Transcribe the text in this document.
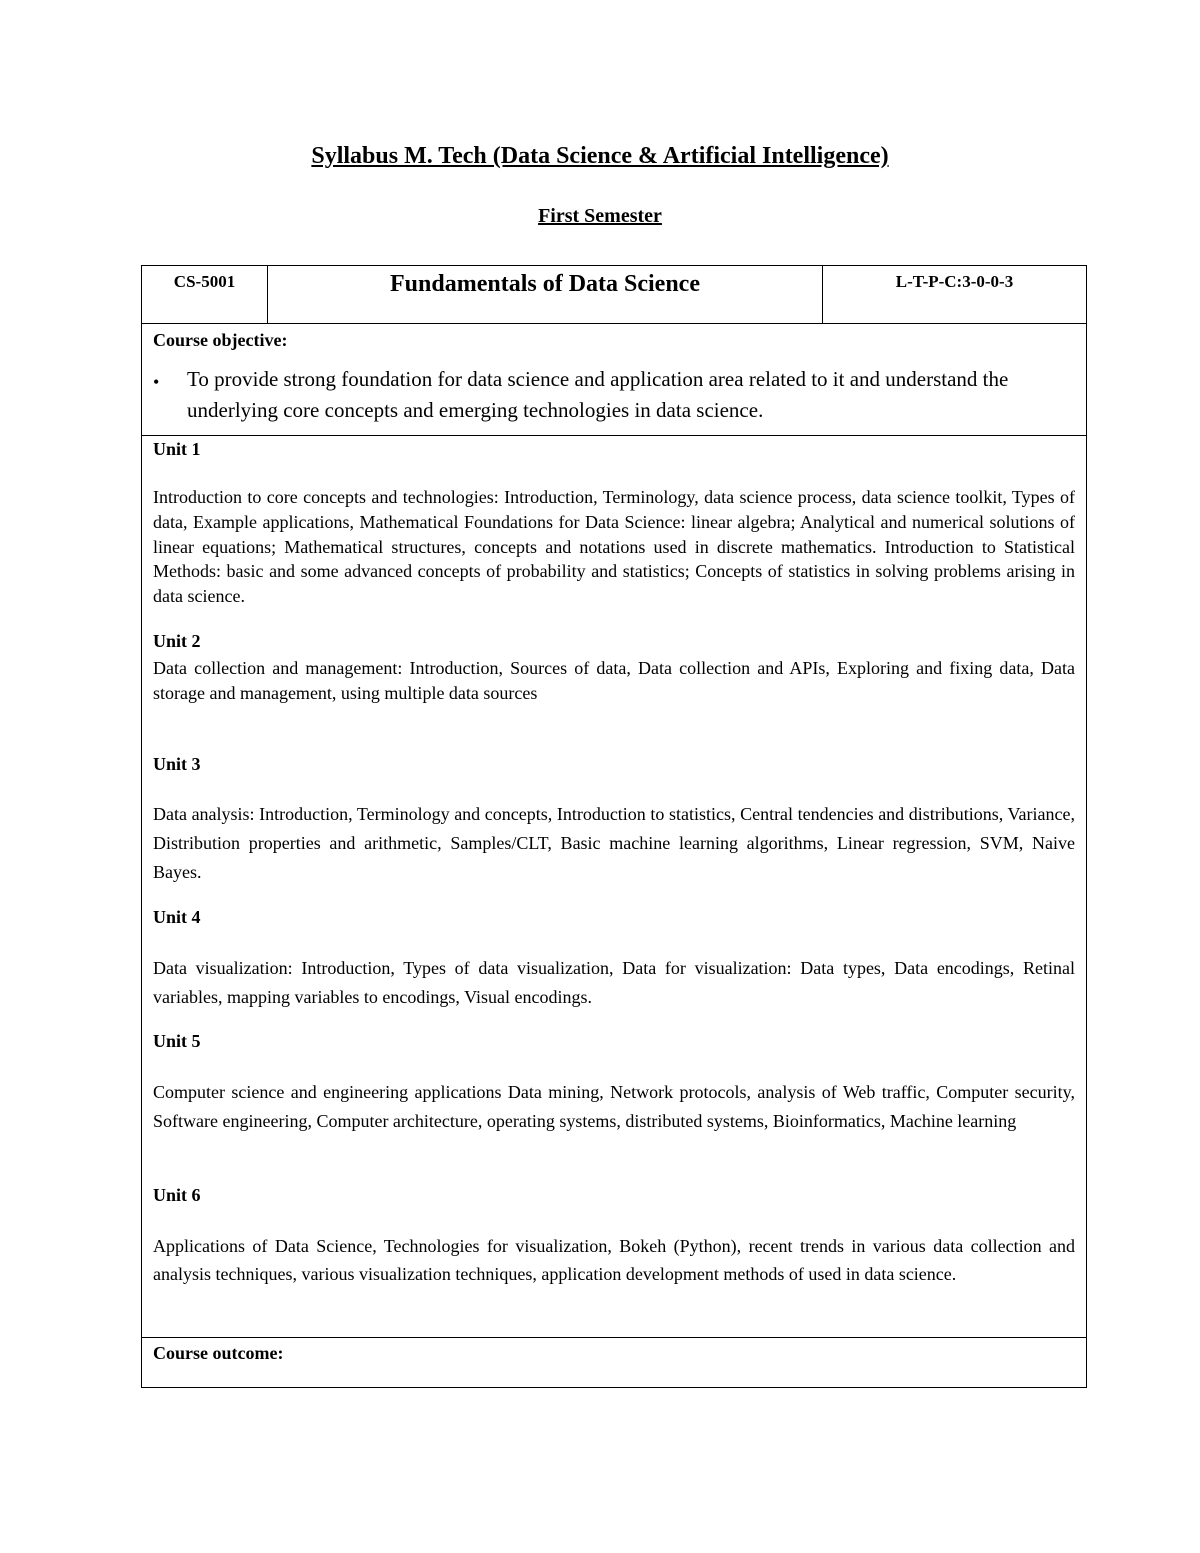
Syllabus M. Tech (Data Science & Artificial Intelligence)
First Semester
CS-5001	Fundamentals of Data Science	L-T-P-C:3-0-0-3
Course objective:
• To provide strong foundation for data science and application area related to it and understand the underlying core concepts and emerging technologies in data science.
Unit 1
Introduction to core concepts and technologies: Introduction, Terminology, data science process, data science toolkit, Types of data, Example applications, Mathematical Foundations for Data Science: linear algebra; Analytical and numerical solutions of linear equations; Mathematical structures, concepts and notations used in discrete mathematics. Introduction to Statistical Methods: basic and some advanced concepts of probability and statistics; Concepts of statistics in solving problems arising in data science.
Unit 2
Data collection and management: Introduction, Sources of data, Data collection and APIs, Exploring and fixing data, Data storage and management, using multiple data sources
Unit 3
Data analysis: Introduction, Terminology and concepts, Introduction to statistics, Central tendencies and distributions, Variance, Distribution properties and arithmetic, Samples/CLT, Basic machine learning algorithms, Linear regression, SVM, Naive Bayes.
Unit 4
Data visualization: Introduction, Types of data visualization, Data for visualization: Data types, Data encodings, Retinal variables, mapping variables to encodings, Visual encodings.
Unit 5
Computer science and engineering applications Data mining, Network protocols, analysis of Web traffic, Computer security, Software engineering, Computer architecture, operating systems, distributed systems, Bioinformatics, Machine learning
Unit 6
Applications of Data Science, Technologies for visualization, Bokeh (Python), recent trends in various data collection and analysis techniques, various visualization techniques, application development methods of used in data science.
Course outcome:
